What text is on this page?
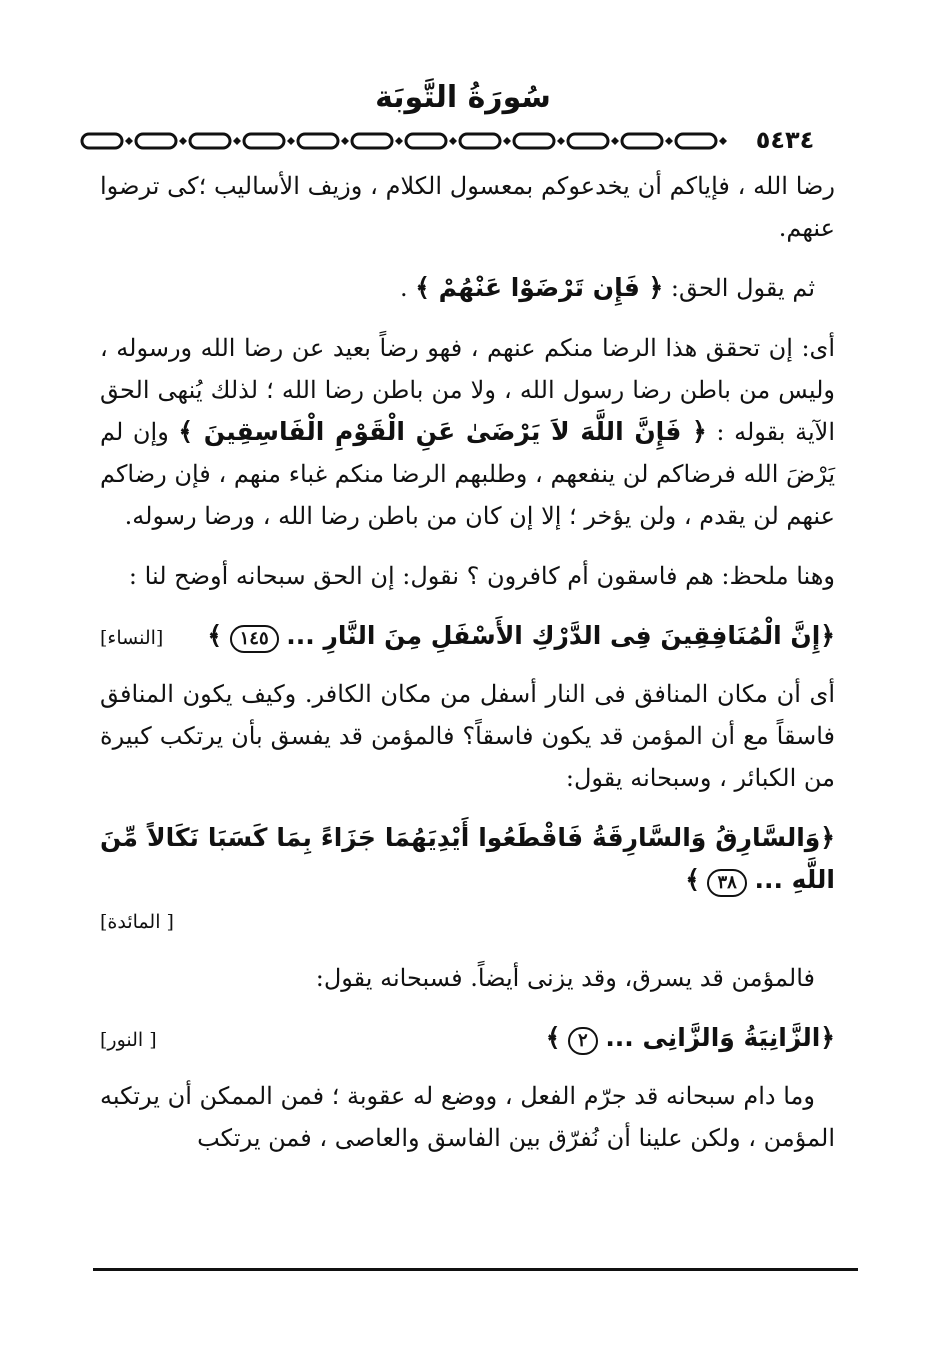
سُورَةُ التَّوبَة
٥٤٣٤

رضا الله ، فإياكم أن يخدعوكم بمعسول الكلام ، وزيف الأساليب ؛كى ترضوا عنهم.

ثم يقول الحق: ﴿ فَإِن تَرْضَوْا عَنْهُمْ ﴾ .

أى: إن تحقق هذا الرضا منكم عنهم ، فهو رضاً بعيد عن رضا الله ورسوله ، وليس من باطن رضا رسول الله ، ولا من باطن رضا الله ؛ لذلك يُنهى الحق الآية بقوله : ﴿ فَإِنَّ اللَّهَ لاَ يَرْضَىٰ عَنِ الْقَوْمِ الْفَاسِقِينَ ﴾ وإن لم يَرْضَ الله فرضاكم لن ينفعهم ، وطلبهم الرضا منكم غباء منهم ، فإن رضاكم عنهم لن يقدم ، ولن يؤخر ؛ إلا إن كان من باطن رضا الله ، ورضا رسوله.

وهنا ملحظ: هم فاسقون أم كافرون ؟ نقول: إن الحق سبحانه أوضح لنا :

﴿إِنَّ الْمُنَافِقِينَ فِى الدَّرْكِ الأَسْفَلِ مِنَ النَّارِ ... ١٤٥ ﴾
[النساء]

أى أن مكان المنافق فى النار أسفل من مكان الكافر. وكيف يكون المنافق فاسقاً مع أن المؤمن قد يكون فاسقاً؟ فالمؤمن قد يفسق بأن يرتكب كبيرة من الكبائر ، وسبحانه يقول:

﴿وَالسَّارِقُ وَالسَّارِقَةُ فَاقْطَعُوا أَيْدِيَهُمَا جَزَاءً بِمَا كَسَبَا نَكَالاً مِّنَ اللَّهِ ... ٣٨ ﴾
[ المائدة]

فالمؤمن قد يسرق، وقد يزنى أيضاً. فسبحانه يقول:

﴿الزَّانِيَةُ وَالزَّانِى ... ٢ ﴾
[ النور]

وما دام سبحانه قد جرّم الفعل ، ووضع له عقوبة ؛ فمن الممكن أن يرتكبه المؤمن ، ولكن علينا أن نُفرّق بين الفاسق والعاصى ، فمن يرتكب
